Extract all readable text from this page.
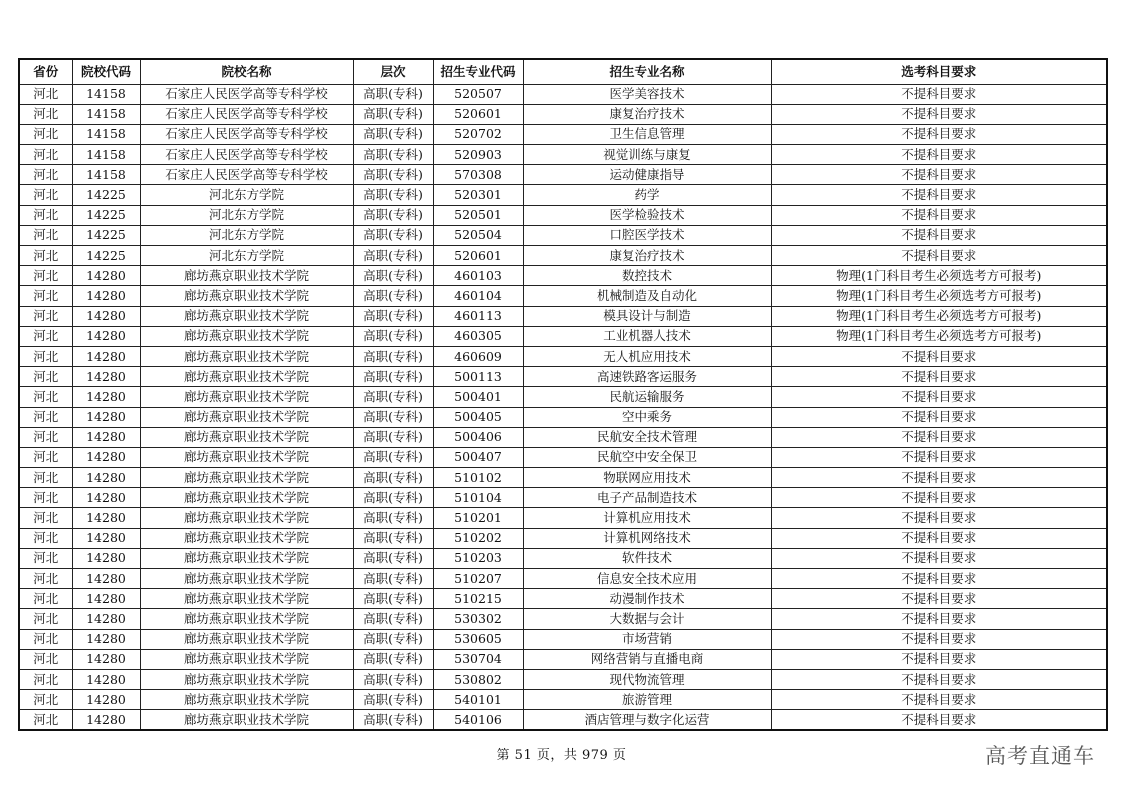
省份	院校代码	院校名称	层次	招生专业代码	招生专业名称	选考科目要求
河北	14158	石家庄人民医学高等专科学校	高职(专科)	520507	医学美容技术	不提科目要求
河北	14158	石家庄人民医学高等专科学校	高职(专科)	520601	康复治疗技术	不提科目要求
河北	14158	石家庄人民医学高等专科学校	高职(专科)	520702	卫生信息管理	不提科目要求
河北	14158	石家庄人民医学高等专科学校	高职(专科)	520903	视觉训练与康复	不提科目要求
河北	14158	石家庄人民医学高等专科学校	高职(专科)	570308	运动健康指导	不提科目要求
河北	14225	河北东方学院	高职(专科)	520301	药学	不提科目要求
河北	14225	河北东方学院	高职(专科)	520501	医学检验技术	不提科目要求
河北	14225	河北东方学院	高职(专科)	520504	口腔医学技术	不提科目要求
河北	14225	河北东方学院	高职(专科)	520601	康复治疗技术	不提科目要求
河北	14280	廊坊燕京职业技术学院	高职(专科)	460103	数控技术	物理(1门科目考生必须选考方可报考)
河北	14280	廊坊燕京职业技术学院	高职(专科)	460104	机械制造及自动化	物理(1门科目考生必须选考方可报考)
河北	14280	廊坊燕京职业技术学院	高职(专科)	460113	模具设计与制造	物理(1门科目考生必须选考方可报考)
河北	14280	廊坊燕京职业技术学院	高职(专科)	460305	工业机器人技术	物理(1门科目考生必须选考方可报考)
河北	14280	廊坊燕京职业技术学院	高职(专科)	460609	无人机应用技术	不提科目要求
河北	14280	廊坊燕京职业技术学院	高职(专科)	500113	高速铁路客运服务	不提科目要求
河北	14280	廊坊燕京职业技术学院	高职(专科)	500401	民航运输服务	不提科目要求
河北	14280	廊坊燕京职业技术学院	高职(专科)	500405	空中乘务	不提科目要求
河北	14280	廊坊燕京职业技术学院	高职(专科)	500406	民航安全技术管理	不提科目要求
河北	14280	廊坊燕京职业技术学院	高职(专科)	500407	民航空中安全保卫	不提科目要求
河北	14280	廊坊燕京职业技术学院	高职(专科)	510102	物联网应用技术	不提科目要求
河北	14280	廊坊燕京职业技术学院	高职(专科)	510104	电子产品制造技术	不提科目要求
河北	14280	廊坊燕京职业技术学院	高职(专科)	510201	计算机应用技术	不提科目要求
河北	14280	廊坊燕京职业技术学院	高职(专科)	510202	计算机网络技术	不提科目要求
河北	14280	廊坊燕京职业技术学院	高职(专科)	510203	软件技术	不提科目要求
河北	14280	廊坊燕京职业技术学院	高职(专科)	510207	信息安全技术应用	不提科目要求
河北	14280	廊坊燕京职业技术学院	高职(专科)	510215	动漫制作技术	不提科目要求
河北	14280	廊坊燕京职业技术学院	高职(专科)	530302	大数据与会计	不提科目要求
河北	14280	廊坊燕京职业技术学院	高职(专科)	530605	市场营销	不提科目要求
河北	14280	廊坊燕京职业技术学院	高职(专科)	530704	网络营销与直播电商	不提科目要求
河北	14280	廊坊燕京职业技术学院	高职(专科)	530802	现代物流管理	不提科目要求
河北	14280	廊坊燕京职业技术学院	高职(专科)	540101	旅游管理	不提科目要求
河北	14280	廊坊燕京职业技术学院	高职(专科)	540106	酒店管理与数字化运营	不提科目要求
第 51 页，共 979 页	高考直通车
